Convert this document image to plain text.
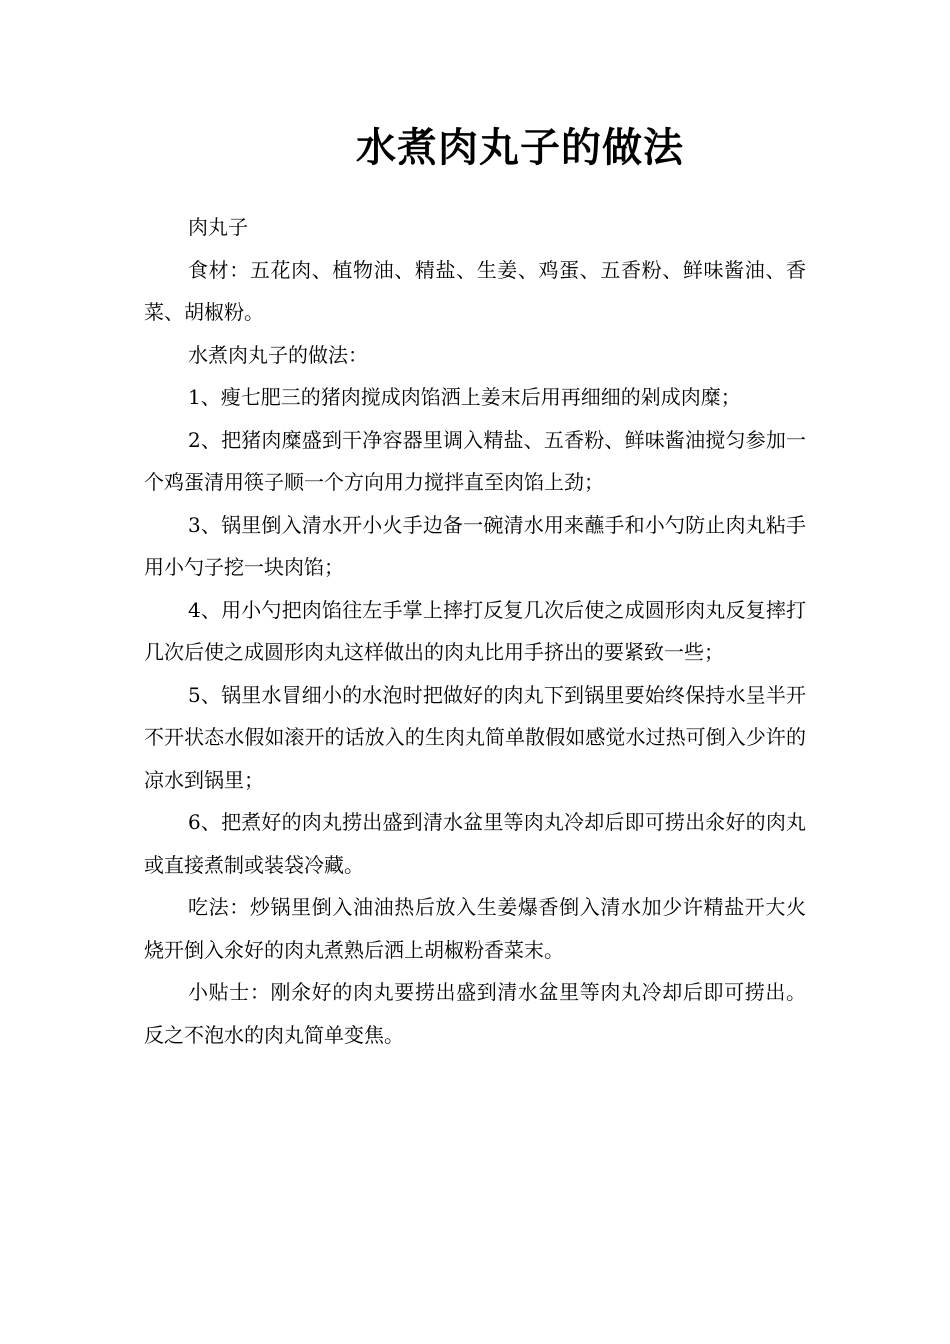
水煮肉丸子的做法

肉丸子

食材：五花肉、植物油、精盐、生姜、鸡蛋、五香粉、鲜味酱油、香菜、胡椒粉。

水煮肉丸子的做法：

1、瘦七肥三的猪肉搅成肉馅洒上姜末后用再细细的剁成肉糜；

2、把猪肉糜盛到干净容器里调入精盐、五香粉、鲜味酱油搅匀参加一个鸡蛋清用筷子顺一个方向用力搅拌直至肉馅上劲；

3、锅里倒入清水开小火手边备一碗清水用来蘸手和小勺防止肉丸粘手用小勺子挖一块肉馅；

4、用小勺把肉馅往左手掌上摔打反复几次后使之成圆形肉丸反复摔打几次后使之成圆形肉丸这样做出的肉丸比用手挤出的要紧致一些；

5、锅里水冒细小的水泡时把做好的肉丸下到锅里要始终保持水呈半开不开状态水假如滚开的话放入的生肉丸简单散假如感觉水过热可倒入少许的凉水到锅里；

6、把煮好的肉丸捞出盛到清水盆里等肉丸冷却后即可捞出氽好的肉丸或直接煮制或装袋冷藏。

吃法：炒锅里倒入油油热后放入生姜爆香倒入清水加少许精盐开大火烧开倒入氽好的肉丸煮熟后洒上胡椒粉香菜末。

小贴士：刚氽好的肉丸要捞出盛到清水盆里等肉丸冷却后即可捞出。反之不泡水的肉丸简单变焦。
